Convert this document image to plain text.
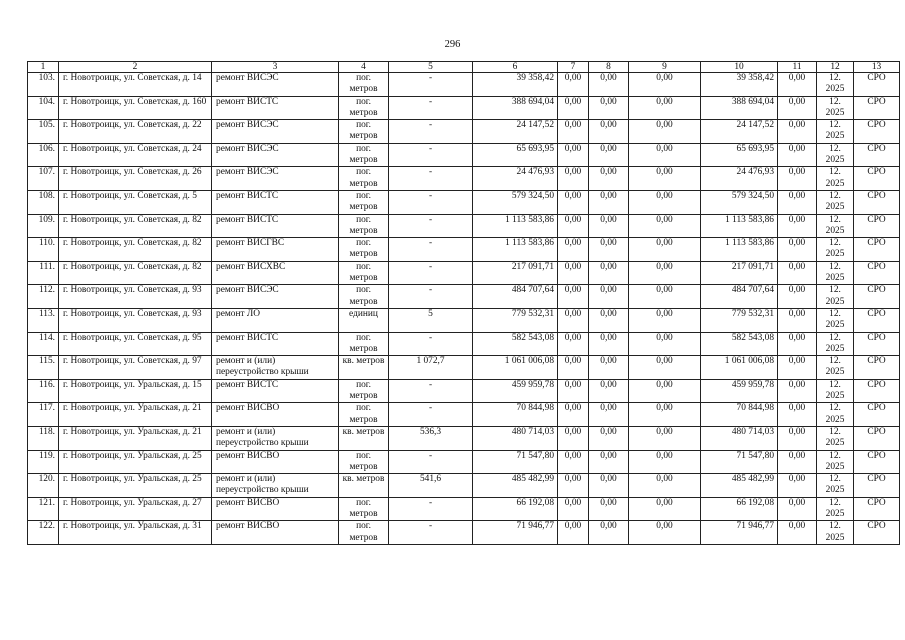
296
1	2	3	4	5	6	7	8	9	10	11	12	13
103.	г. Новотроицк, ул. Советская, д. 14	ремонт ВИСЭС	пог. метров	-	39 358,42	0,00	0,00	0,00	39 358,42	0,00	12. 2025	СРО
104.	г. Новотроицк, ул. Советская, д. 160	ремонт ВИСТС	пог. метров	-	388 694,04	0,00	0,00	0,00	388 694,04	0,00	12. 2025	СРО
105.	г. Новотроицк, ул. Советская, д. 22	ремонт ВИСЭС	пог. метров	-	24 147,52	0,00	0,00	0,00	24 147,52	0,00	12. 2025	СРО
106.	г. Новотроицк, ул. Советская, д. 24	ремонт ВИСЭС	пог. метров	-	65 693,95	0,00	0,00	0,00	65 693,95	0,00	12. 2025	СРО
107.	г. Новотроицк, ул. Советская, д. 26	ремонт ВИСЭС	пог. метров	-	24 476,93	0,00	0,00	0,00	24 476,93	0,00	12. 2025	СРО
108.	г. Новотроицк, ул. Советская, д. 5	ремонт ВИСТС	пог. метров	-	579 324,50	0,00	0,00	0,00	579 324,50	0,00	12. 2025	СРО
109.	г. Новотроицк, ул. Советская, д. 82	ремонт ВИСТС	пог. метров	-	1 113 583,86	0,00	0,00	0,00	1 113 583,86	0,00	12. 2025	СРО
110.	г. Новотроицк, ул. Советская, д. 82	ремонт ВИСГВС	пог. метров	-	1 113 583,86	0,00	0,00	0,00	1 113 583,86	0,00	12. 2025	СРО
111.	г. Новотроицк, ул. Советская, д. 82	ремонт ВИСХВС	пог. метров	-	217 091,71	0,00	0,00	0,00	217 091,71	0,00	12. 2025	СРО
112.	г. Новотроицк, ул. Советская, д. 93	ремонт ВИСЭС	пог. метров	-	484 707,64	0,00	0,00	0,00	484 707,64	0,00	12. 2025	СРО
113.	г. Новотроицк, ул. Советская, д. 93	ремонт ЛО	единиц	5	779 532,31	0,00	0,00	0,00	779 532,31	0,00	12. 2025	СРО
114.	г. Новотроицк, ул. Советская, д. 95	ремонт ВИСТС	пог. метров	-	582 543,08	0,00	0,00	0,00	582 543,08	0,00	12. 2025	СРО
115.	г. Новотроицк, ул. Советская, д. 97	ремонт и (или) переустройство крыши	кв. метров	1 072,7	1 061 006,08	0,00	0,00	0,00	1 061 006,08	0,00	12. 2025	СРО
116.	г. Новотроицк, ул. Уральская, д. 15	ремонт ВИСТС	пог. метров	-	459 959,78	0,00	0,00	0,00	459 959,78	0,00	12. 2025	СРО
117.	г. Новотроицк, ул. Уральская, д. 21	ремонт ВИСВО	пог. метров	-	70 844,98	0,00	0,00	0,00	70 844,98	0,00	12. 2025	СРО
118.	г. Новотроицк, ул. Уральская, д. 21	ремонт и (или) переустройство крыши	кв. метров	536,3	480 714,03	0,00	0,00	0,00	480 714,03	0,00	12. 2025	СРО
119.	г. Новотроицк, ул. Уральская, д. 25	ремонт ВИСВО	пог. метров	-	71 547,80	0,00	0,00	0,00	71 547,80	0,00	12. 2025	СРО
120.	г. Новотроицк, ул. Уральская, д. 25	ремонт и (или) переустройство крыши	кв. метров	541,6	485 482,99	0,00	0,00	0,00	485 482,99	0,00	12. 2025	СРО
121.	г. Новотроицк, ул. Уральская, д. 27	ремонт ВИСВО	пог. метров	-	66 192,08	0,00	0,00	0,00	66 192,08	0,00	12. 2025	СРО
122.	г. Новотроицк, ул. Уральская, д. 31	ремонт ВИСВО	пог. метров	-	71 946,77	0,00	0,00	0,00	71 946,77	0,00	12. 2025	СРО
